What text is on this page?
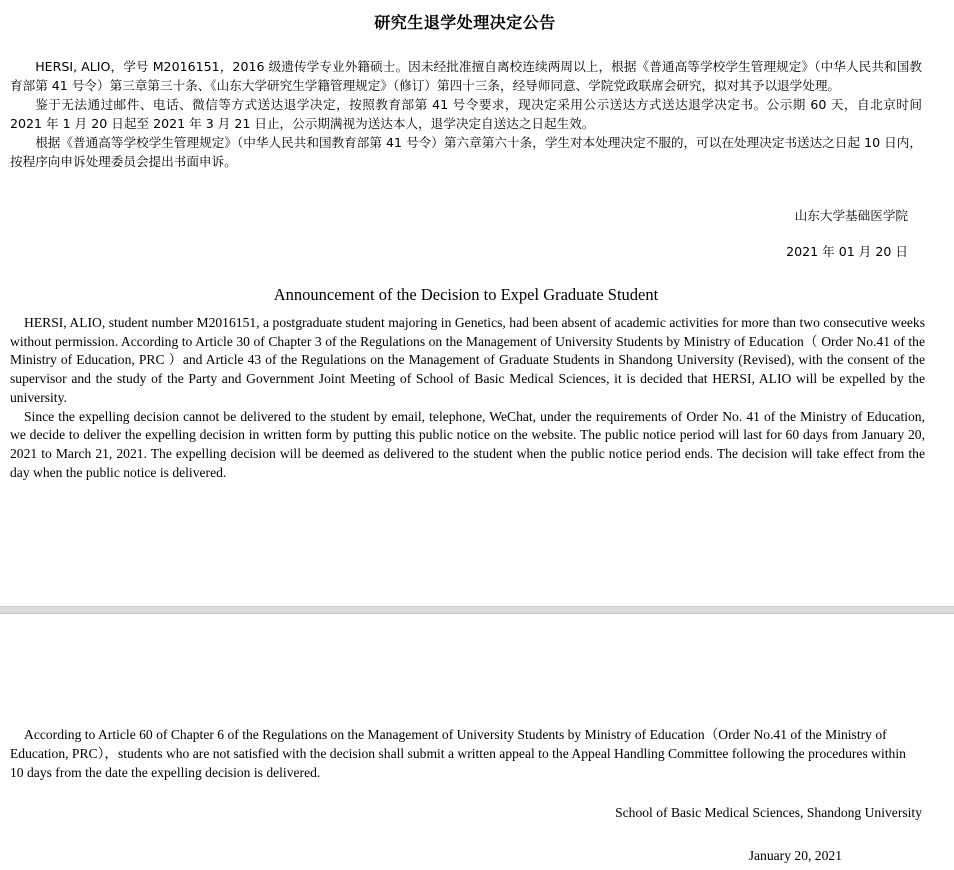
研究生退学处理决定公告

HERSI, ALIO，学号 M2016151，2016 级遗传学专业外籍硕士。因未经批准擅自离校连续两周以上，根据《普通高等学校学生管理规定》（中华人民共和国教育部第 41 号令）第三章第三十条、《山东大学研究生学籍管理规定》（修订）第四十三条，经导师同意、学院党政联席会研究，拟对其予以退学处理。

鉴于无法通过邮件、电话、微信等方式送达退学决定，按照教育部第 41 号令要求，现决定采用公示送达方式送达退学决定书。公示期 60 天，自北京时间 2021 年 1 月 20 日起至 2021 年 3 月 21 日止，公示期满视为送达本人，退学决定自送达之日起生效。

根据《普通高等学校学生管理规定》（中华人民共和国教育部第 41 号令）第六章第六十条，学生对本处理决定不服的，可以在处理决定书送达之日起 10 日内，按程序向申诉处理委员会提出书面申诉。

山东大学基础医学院
2021 年 01 月 20 日
Announcement of the Decision to Expel Graduate Student

HERSI, ALIO, student number M2016151, a postgraduate student majoring in Genetics, had been absent of academic activities for more than two consecutive weeks without permission. According to Article 30 of Chapter 3 of the Regulations on the Management of University Students by Ministry of Education（ Order No.41 of the Ministry of Education, PRC ）and Article 43 of the Regulations on the Management of Graduate Students in Shandong University (Revised), with the consent of the supervisor and the study of the Party and Government Joint Meeting of School of Basic Medical Sciences, it is decided that HERSI, ALIO will be expelled by the university.

Since the expelling decision cannot be delivered to the student by email, telephone, WeChat, under the requirements of Order No. 41 of the Ministry of Education, we decide to deliver the expelling decision in written form by putting this public notice on the website. The public notice period will last for 60 days from January 20, 2021 to March 21, 2021. The expelling decision will be deemed as delivered to the student when the public notice period ends. The decision will take effect from the day when the public notice is delivered.

According to Article 60 of Chapter 6 of the Regulations on the Management of University Students by Ministry of Education（Order No.41 of the Ministry of Education, PRC），students who are not satisfied with the decision shall submit a written appeal to the Appeal Handling Committee following the procedures within 10 days from the date the expelling decision is delivered.

School of Basic Medical Sciences, Shandong University
January 20, 2021
